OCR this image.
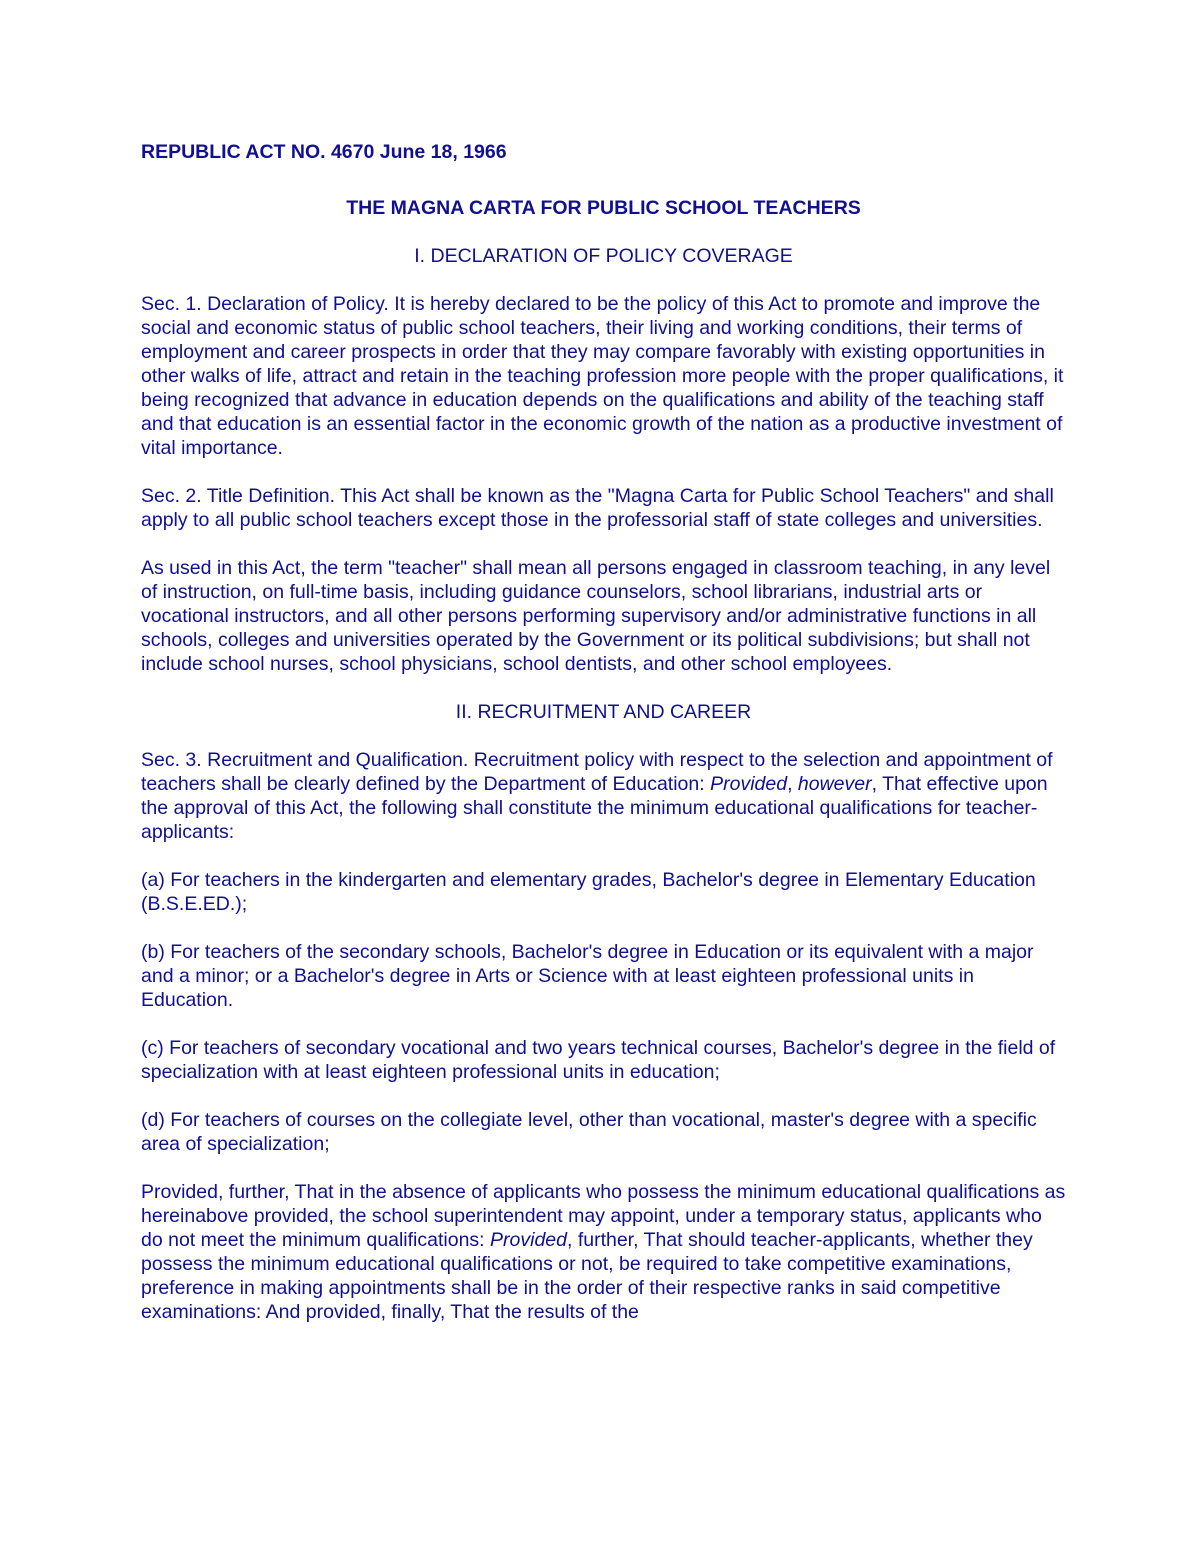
REPUBLIC ACT NO. 4670 June 18, 1966

THE MAGNA CARTA FOR PUBLIC SCHOOL TEACHERS

I. DECLARATION OF POLICY COVERAGE

Sec. 1. Declaration of Policy. It is hereby declared to be the policy of this Act to promote and improve the social and economic status of public school teachers, their living and working conditions, their terms of employment and career prospects in order that they may compare favorably with existing opportunities in other walks of life, attract and retain in the teaching profession more people with the proper qualifications, it being recognized that advance in education depends on the qualifications and ability of the teaching staff and that education is an essential factor in the economic growth of the nation as a productive investment of vital importance.

Sec. 2. Title Definition. This Act shall be known as the "Magna Carta for Public School Teachers" and shall apply to all public school teachers except those in the professorial staff of state colleges and universities.

As used in this Act, the term "teacher" shall mean all persons engaged in classroom teaching, in any level of instruction, on full-time basis, including guidance counselors, school librarians, industrial arts or vocational instructors, and all other persons performing supervisory and/or administrative functions in all schools, colleges and universities operated by the Government or its political subdivisions; but shall not include school nurses, school physicians, school dentists, and other school employees.

II. RECRUITMENT AND CAREER

Sec. 3. Recruitment and Qualification. Recruitment policy with respect to the selection and appointment of teachers shall be clearly defined by the Department of Education: Provided, however, That effective upon the approval of this Act, the following shall constitute the minimum educational qualifications for teacher-applicants:

(a) For teachers in the kindergarten and elementary grades, Bachelor's degree in Elementary Education (B.S.E.ED.);

(b) For teachers of the secondary schools, Bachelor's degree in Education or its equivalent with a major and a minor; or a Bachelor's degree in Arts or Science with at least eighteen professional units in Education.

(c) For teachers of secondary vocational and two years technical courses, Bachelor's degree in the field of specialization with at least eighteen professional units in education;

(d) For teachers of courses on the collegiate level, other than vocational, master's degree with a specific area of specialization;

Provided, further, That in the absence of applicants who possess the minimum educational qualifications as hereinabove provided, the school superintendent may appoint, under a temporary status, applicants who do not meet the minimum qualifications: Provided, further, That should teacher-applicants, whether they possess the minimum educational qualifications or not, be required to take competitive examinations, preference in making appointments shall be in the order of their respective ranks in said competitive examinations: And provided, finally, That the results of the
